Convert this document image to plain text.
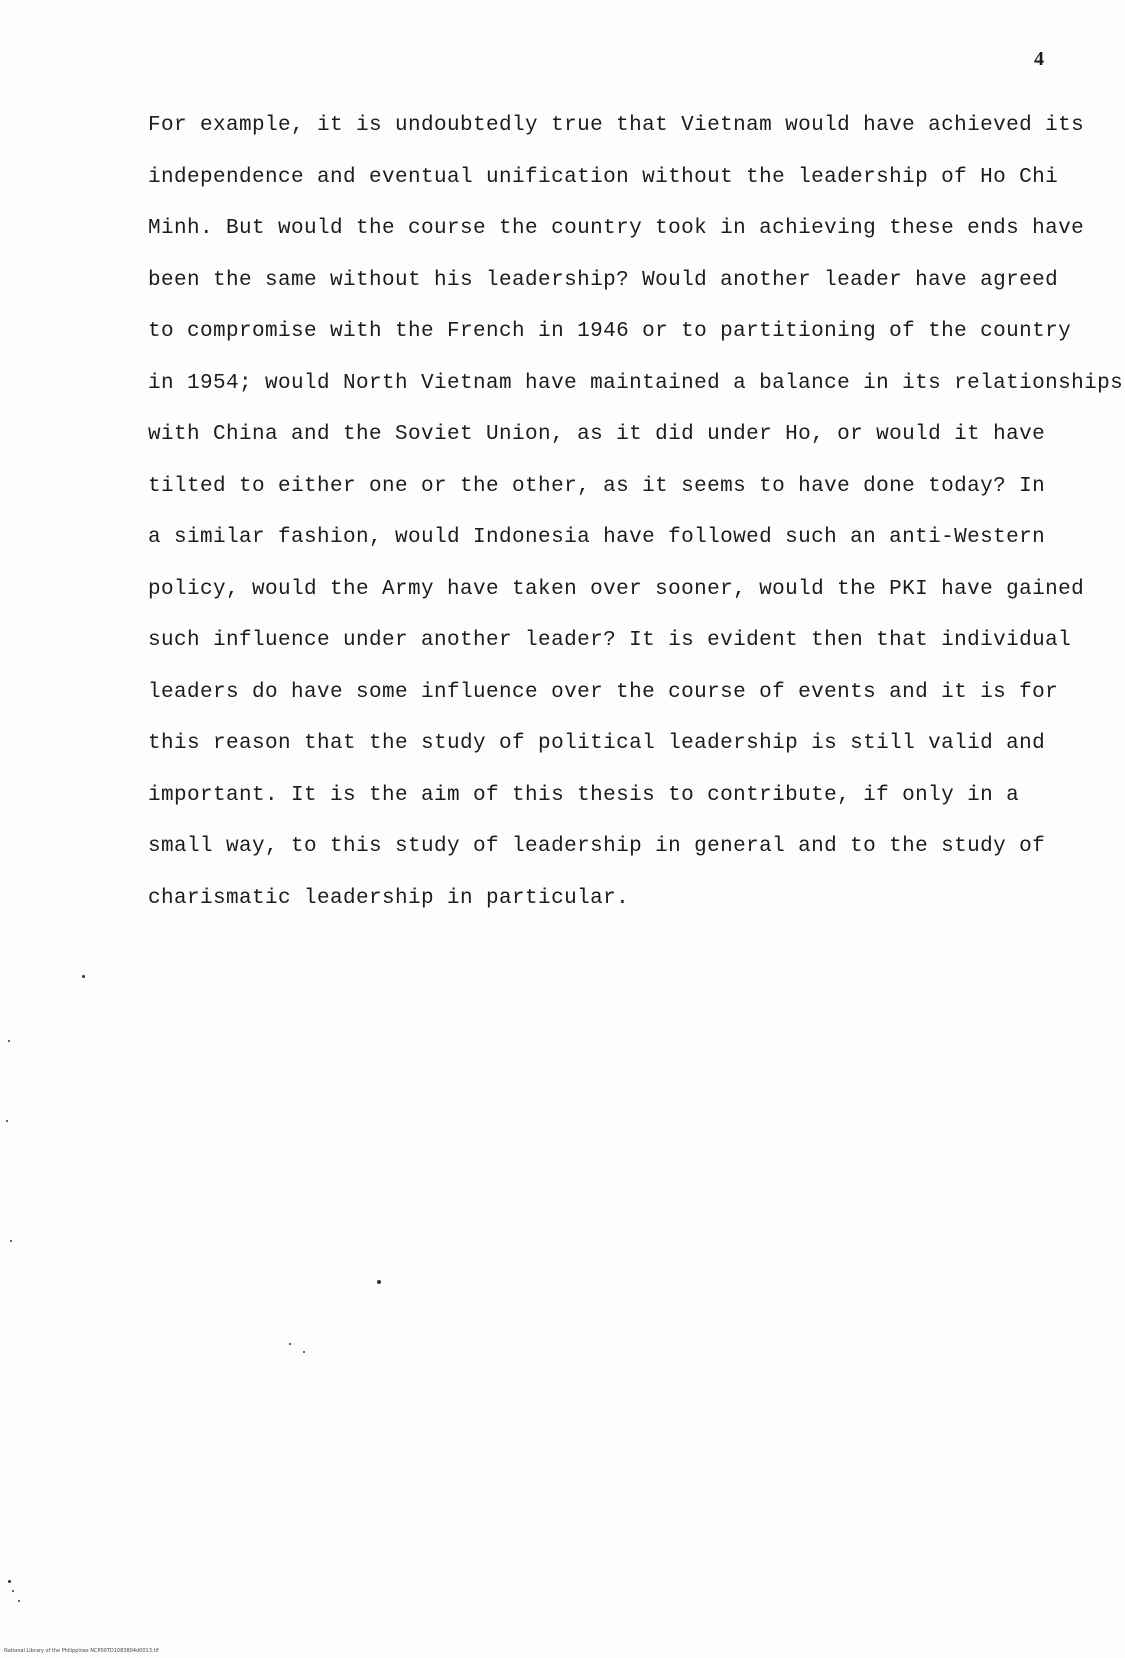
4
For example, it is undoubtedly true that Vietnam would have achieved its
independence and eventual unification without the leadership of Ho Chi
Minh. But would the course the country took in achieving these ends have
been the same without his leadership? Would another leader have agreed
to compromise with the French in 1946 or to partitioning of the country
in 1954; would North Vietnam have maintained a balance in its relationships
with China and the Soviet Union, as it did under Ho, or would it have
tilted to either one or the other, as it seems to have done today? In
a similar fashion, would Indonesia have followed such an anti-Western
policy, would the Army have taken over sooner, would the PKI have gained
such influence under another leader? It is evident then that individual
leaders do have some influence over the course of events and it is for
this reason that the study of political leadership is still valid and
important. It is the aim of this thesis to contribute, if only in a
small way, to this study of leadership in general and to the study of
charismatic leadership in particular.
National Library of the Philippines NCP00TD1083804d0013.tif
